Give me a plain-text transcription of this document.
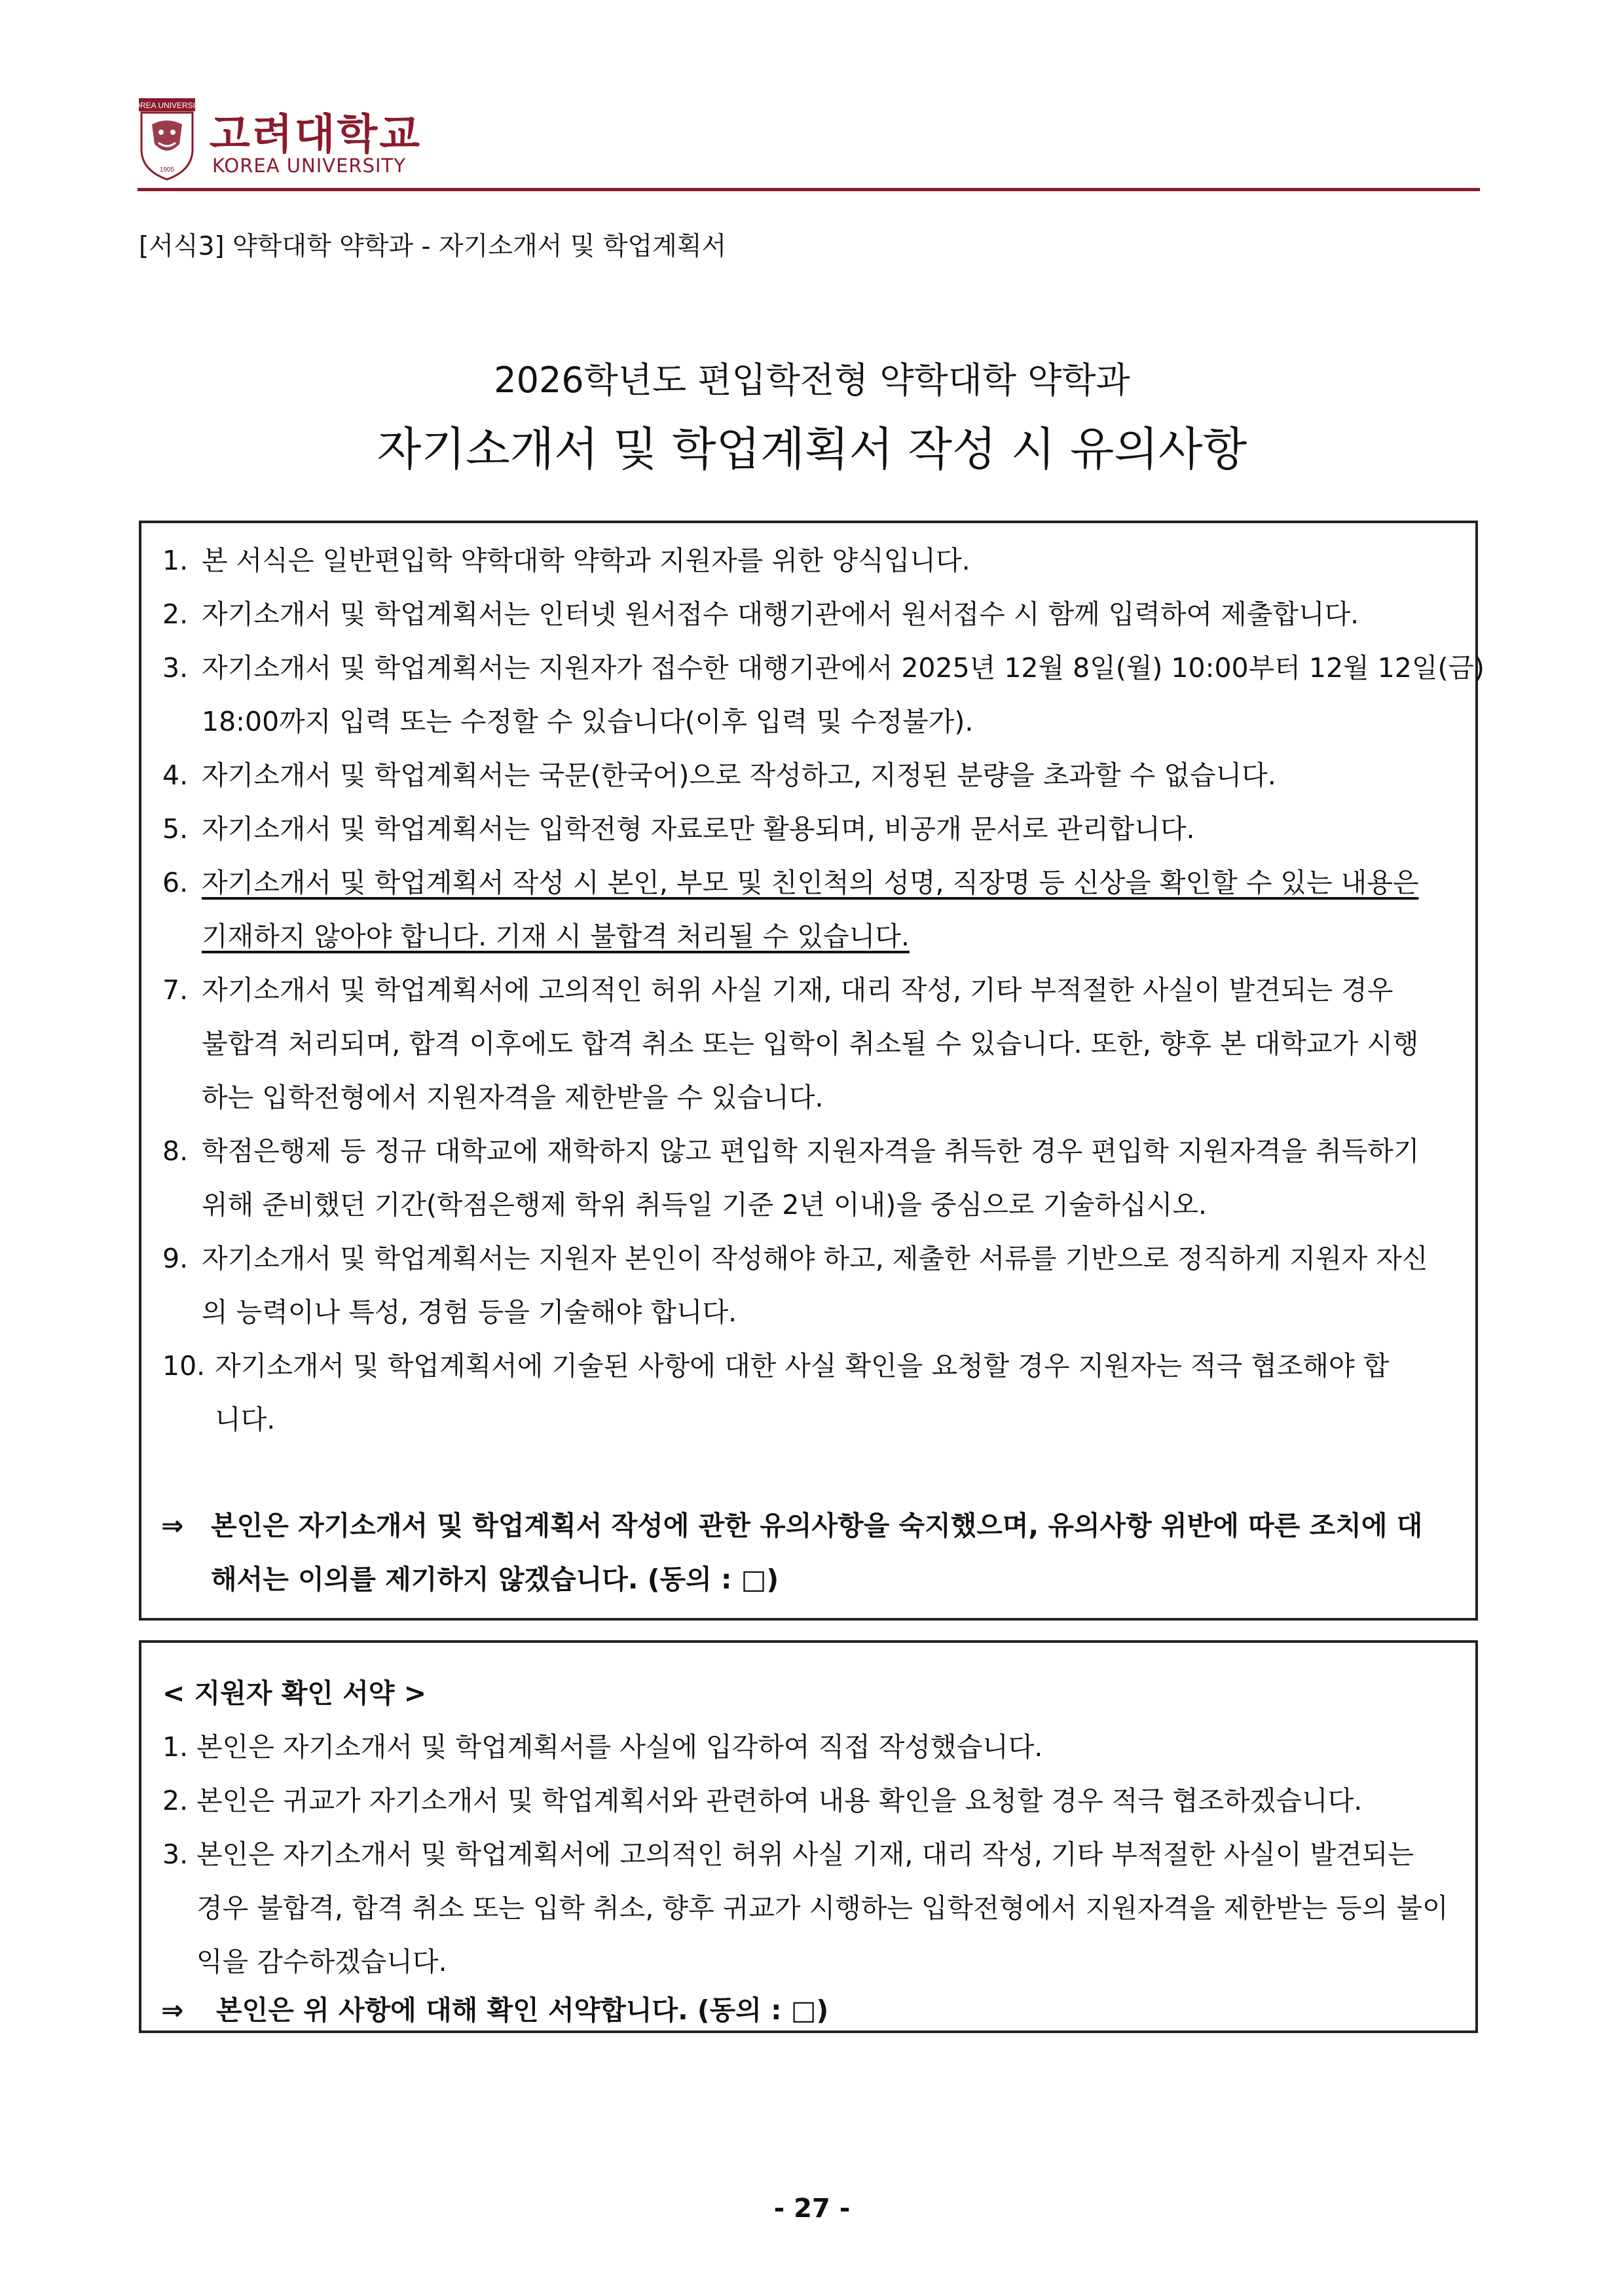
KOREA UNIVERSITY
1905
고려대학교
KOREA UNIVERSITY
[서식3] 약학대학 약학과 - 자기소개서 및 학업계획서
2026학년도 편입학전형 약학대학 약학과
자기소개서 및 학업계획서 작성 시 유의사항
1. 본 서식은 일반편입학 약학대학 약학과 지원자를 위한 양식입니다.
2. 자기소개서 및 학업계획서는 인터넷 원서접수 대행기관에서 원서접수 시 함께 입력하여 제출합니다.
3. 자기소개서 및 학업계획서는 지원자가 접수한 대행기관에서 2025년 12월 8일(월) 10:00부터 12월 12일(금)
18:00까지 입력 또는 수정할 수 있습니다(이후 입력 및 수정불가).
4. 자기소개서 및 학업계획서는 국문(한국어)으로 작성하고, 지정된 분량을 초과할 수 없습니다.
5. 자기소개서 및 학업계획서는 입학전형 자료로만 활용되며, 비공개 문서로 관리합니다.
6. 자기소개서 및 학업계획서 작성 시 본인, 부모 및 친인척의 성명, 직장명 등 신상을 확인할 수 있는 내용은
기재하지 않아야 합니다. 기재 시 불합격 처리될 수 있습니다.
7. 자기소개서 및 학업계획서에 고의적인 허위 사실 기재, 대리 작성, 기타 부적절한 사실이 발견되는 경우
불합격 처리되며, 합격 이후에도 합격 취소 또는 입학이 취소될 수 있습니다. 또한, 향후 본 대학교가 시행
하는 입학전형에서 지원자격을 제한받을 수 있습니다.
8. 학점은행제 등 정규 대학교에 재학하지 않고 편입학 지원자격을 취득한 경우 편입학 지원자격을 취득하기
위해 준비했던 기간(학점은행제 학위 취득일 기준 2년 이내)을 중심으로 기술하십시오.
9. 자기소개서 및 학업계획서는 지원자 본인이 작성해야 하고, 제출한 서류를 기반으로 정직하게 지원자 자신
의 능력이나 특성, 경험 등을 기술해야 합니다.
10. 자기소개서 및 학업계획서에 기술된 사항에 대한 사실 확인을 요청할 경우 지원자는 적극 협조해야 합
니다.
⇒ 본인은 자기소개서 및 학업계획서 작성에 관한 유의사항을 숙지했으며, 유의사항 위반에 따른 조치에 대
해서는 이의를 제기하지 않겠습니다. (동의 : □)
< 지원자 확인 서약 >
1. 본인은 자기소개서 및 학업계획서를 사실에 입각하여 직접 작성했습니다.
2. 본인은 귀교가 자기소개서 및 학업계획서와 관련하여 내용 확인을 요청할 경우 적극 협조하겠습니다.
3. 본인은 자기소개서 및 학업계획서에 고의적인 허위 사실 기재, 대리 작성, 기타 부적절한 사실이 발견되는
경우 불합격, 합격 취소 또는 입학 취소, 향후 귀교가 시행하는 입학전형에서 지원자격을 제한받는 등의 불이
익을 감수하겠습니다.
⇒ 본인은 위 사항에 대해 확인 서약합니다. (동의 : □)
- 27 -
